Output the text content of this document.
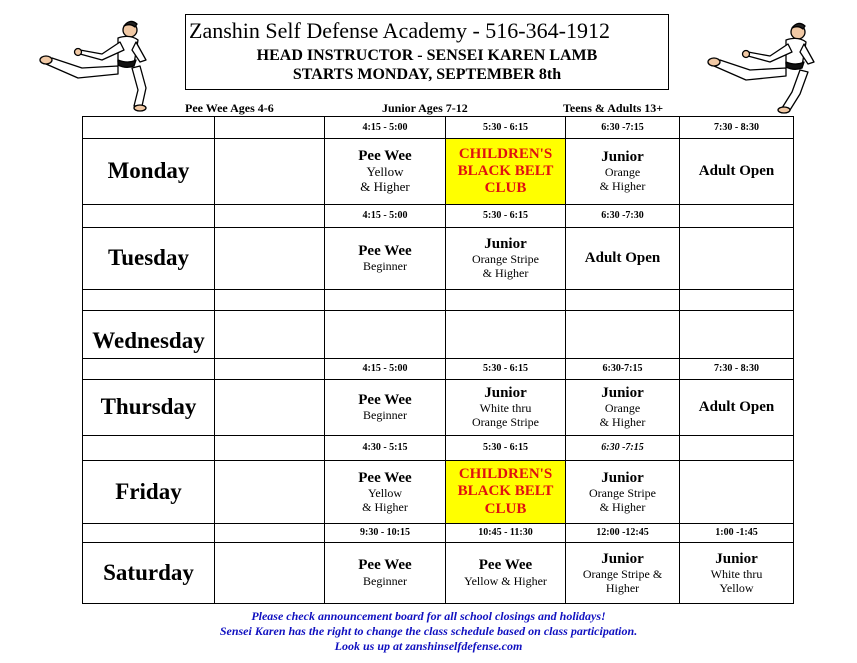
Zanshin Self Defense Academy - 516-364-1912
HEAD INSTRUCTOR - SENSEI KAREN LAMB
STARTS MONDAY, SEPTEMBER 8th
Pee Wee Ages 4-6	Junior Ages 7-12	Teens & Adults 13+
		4:15 - 5:00	5:30 - 6:15	6:30 -7:15	7:30 - 8:30
Monday		Pee Wee
Yellow
& Higher	CHILDREN'S
BLACK BELT
CLUB	Junior
Orange
& Higher	Adult Open
		4:15 - 5:00	5:30 - 6:15	6:30 -7:30	
Tuesday		Pee Wee
Beginner	Junior
Orange Stripe
& Higher	Adult Open	

Wednesday					
		4:15 - 5:00	5:30 - 6:15	6:30-7:15	7:30 - 8:30
Thursday		Pee Wee
Beginner	Junior
White thru
Orange Stripe	Junior
Orange
& Higher	Adult Open
		4:30 - 5:15	5:30 - 6:15	6:30 -7:15	
Friday		Pee Wee
Yellow
& Higher	CHILDREN'S
BLACK BELT
CLUB	Junior
Orange Stripe
& Higher	

		9:30 - 10:15	10:45 - 11:30	12:00 -12:45	1:00 -1:45
Saturday		Pee Wee
Beginner	Pee Wee
Yellow & Higher	Junior
Orange Stripe &
Higher	Junior
White thru
Yellow
Please check announcement board for all school closings and holidays!
Sensei Karen has the right to change the class schedule based on class participation.
Look us up at zanshinselfdefense.com
